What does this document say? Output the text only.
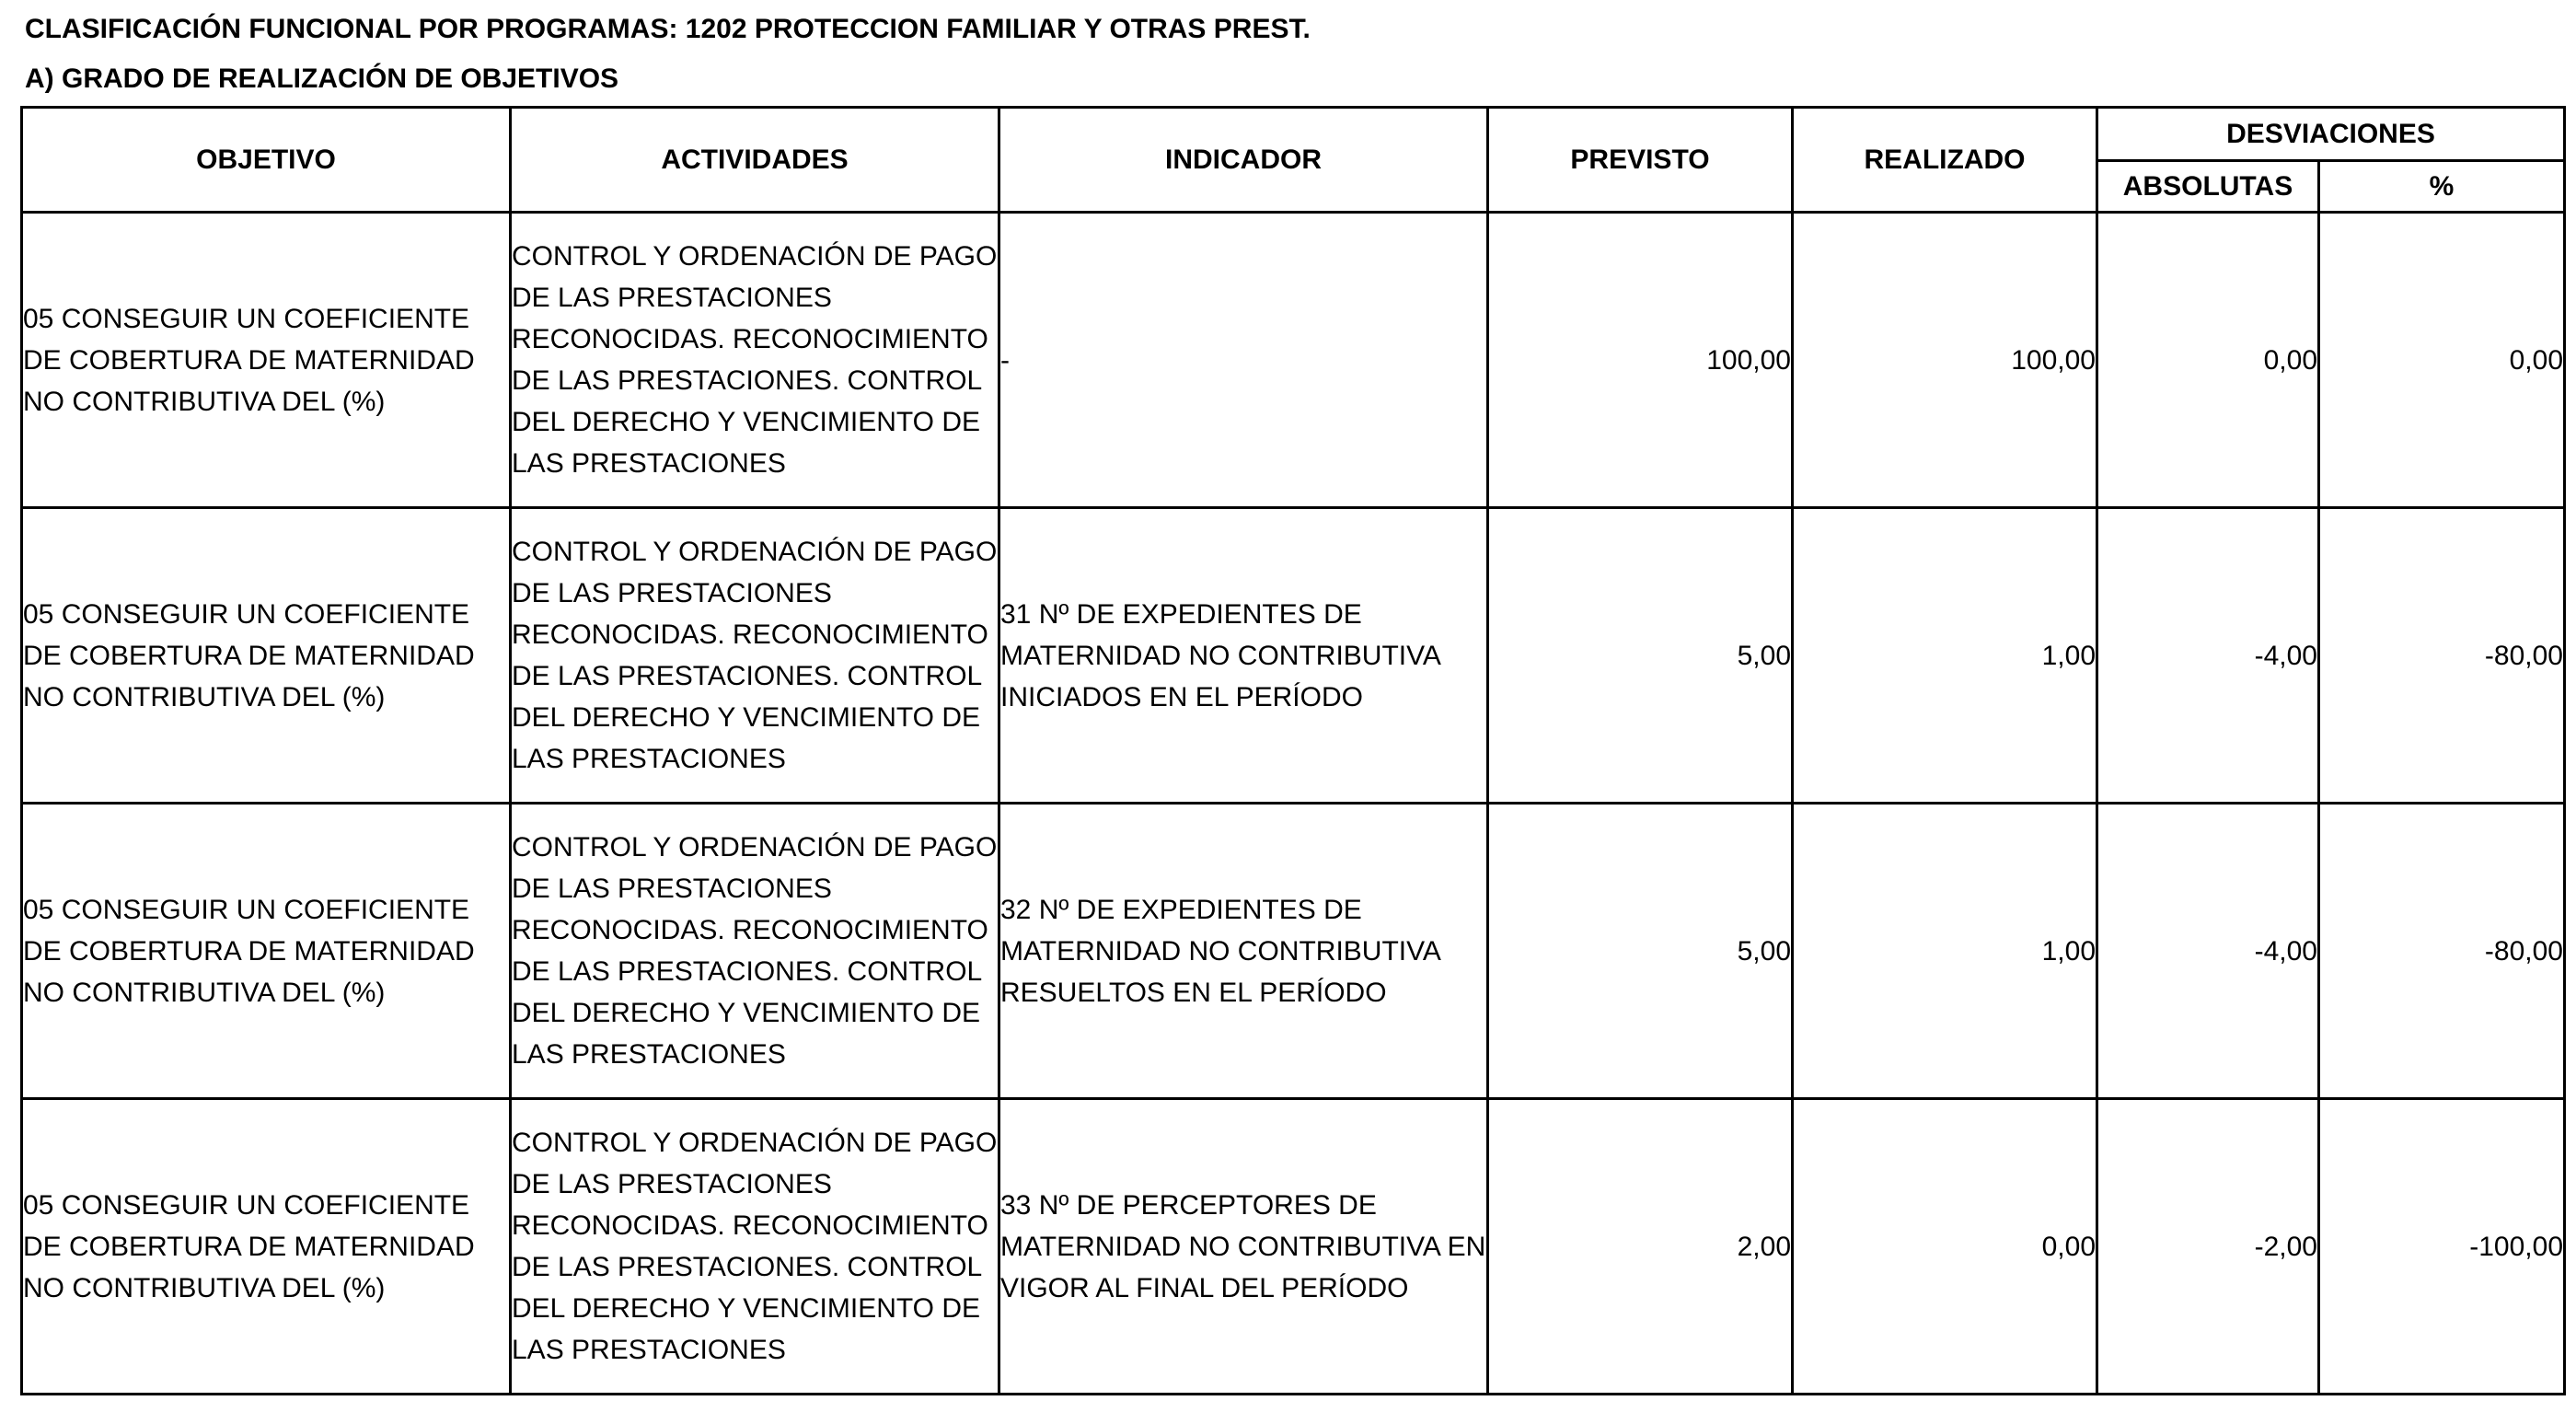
CLASIFICACIÓN FUNCIONAL POR PROGRAMAS: 1202 PROTECCION FAMILIAR Y OTRAS PREST.
A) GRADO DE REALIZACIÓN DE OBJETIVOS
OBJETIVO	ACTIVIDADES	INDICADOR	PREVISTO	REALIZADO	DESVIACIONES	
					ABSOLUTAS	%
05 CONSEGUIR UN COEFICIENTE DE COBERTURA DE MATERNIDAD NO CONTRIBUTIVA DEL (%)	CONTROL Y ORDENACIÓN DE PAGO DE LAS PRESTACIONES RECONOCIDAS. RECONOCIMIENTO DE LAS PRESTACIONES. CONTROL DEL DERECHO Y VENCIMIENTO DE LAS PRESTACIONES	-	100,00	100,00	0,00	0,00
05 CONSEGUIR UN COEFICIENTE DE COBERTURA DE MATERNIDAD NO CONTRIBUTIVA DEL (%)	CONTROL Y ORDENACIÓN DE PAGO DE LAS PRESTACIONES RECONOCIDAS. RECONOCIMIENTO DE LAS PRESTACIONES. CONTROL DEL DERECHO Y VENCIMIENTO DE LAS PRESTACIONES	31 Nº DE EXPEDIENTES DE MATERNIDAD NO CONTRIBUTIVA INICIADOS EN EL PERÍODO	5,00	1,00	-4,00	-80,00
05 CONSEGUIR UN COEFICIENTE DE COBERTURA DE MATERNIDAD NO CONTRIBUTIVA DEL (%)	CONTROL Y ORDENACIÓN DE PAGO DE LAS PRESTACIONES RECONOCIDAS. RECONOCIMIENTO DE LAS PRESTACIONES. CONTROL DEL DERECHO Y VENCIMIENTO DE LAS PRESTACIONES	32 Nº DE EXPEDIENTES DE MATERNIDAD NO CONTRIBUTIVA RESUELTOS EN EL PERÍODO	5,00	1,00	-4,00	-80,00
05 CONSEGUIR UN COEFICIENTE DE COBERTURA DE MATERNIDAD NO CONTRIBUTIVA DEL (%)	CONTROL Y ORDENACIÓN DE PAGO DE LAS PRESTACIONES RECONOCIDAS. RECONOCIMIENTO DE LAS PRESTACIONES. CONTROL DEL DERECHO Y VENCIMIENTO DE LAS PRESTACIONES	33 Nº DE PERCEPTORES DE MATERNIDAD NO CONTRIBUTIVA EN VIGOR AL FINAL DEL PERÍODO	2,00	0,00	-2,00	-100,00
